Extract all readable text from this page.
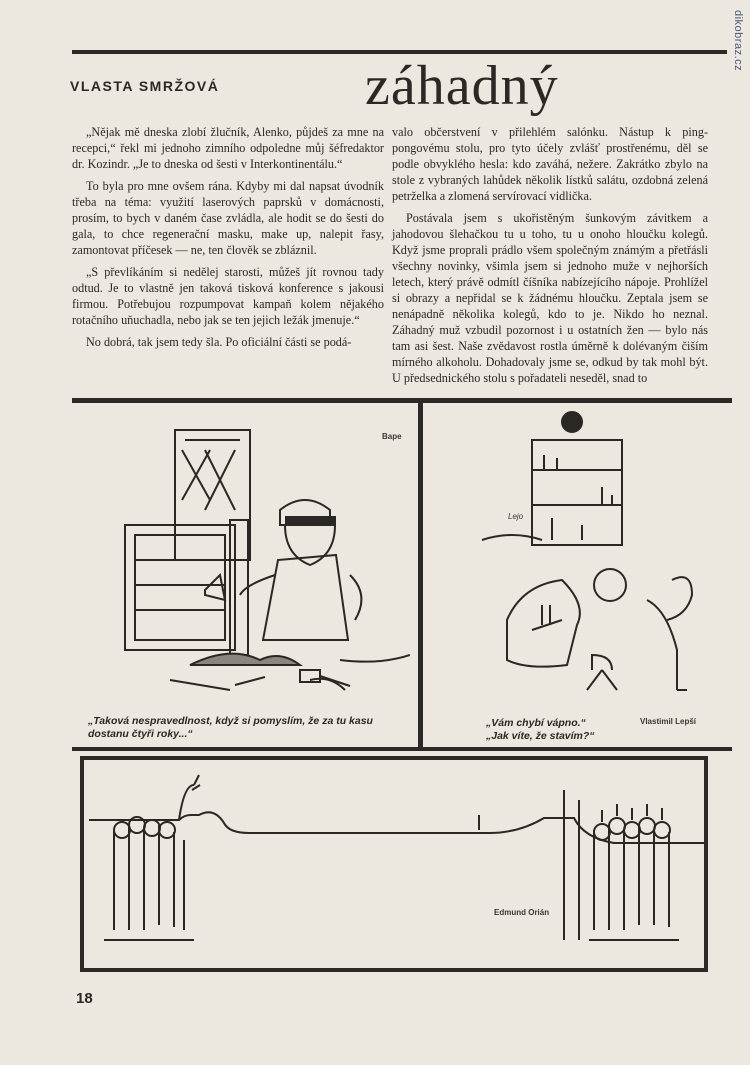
dikobraz.cz
VLASTA SMRŽOVÁ	záhadný

„Nějak mě dneska zlobí žlučník, Alenko, půjdeš za mne na recepci,“ řekl mi jednoho zimního odpoledne můj šéfredaktor dr. Kozindr. „Je to dneska od šesti v Interkontinentálu.“

To byla pro mne ovšem rána. Kdyby mi dal napsat úvodník třeba na téma: využití laserových paprsků v domácnosti, prosím, to bych v daném čase zvládla, ale hodit se do šesti do gala, to chce regenerační masku, make up, nalepit řasy, zamontovat příčesek — ne, ten člověk se zbláznil.

„S převlíkáním si nedělej starosti, můžeš jít rovnou tady odtud. Je to vlastně jen taková tisková konference s jakousi firmou. Potřebujou rozpumpovat kampaň kolem nějakého rotačního uňuchadla, nebo jak se ten jejich ležák jmenuje.“

No dobrá, tak jsem tedy šla. Po oficiální části se podá-

valo občerstvení v přilehlém salónku. Nástup k ping-pongovému stolu, pro tyto účely zvlášť prostřenému, děl se podle obvyklého hesla: kdo zaváhá, nežere. Zakrátko zbylo na stole z vybraných lahůdek několik lístků salátu, ozdobná zelená petrželka a zlomená servírovací vidlička.

Postávala jsem s ukořistěným šunkovým závitkem a jahodovou šlehačkou tu u toho, tu u onoho hloučku kolegů. Když jsme proprali prádlo všem společným známým a přetřásli všechny novinky, všimla jsem si jednoho muže v nejhorších letech, který právě odmítl číšníka nabízejícího nápoje. Prohlížel si obrazy a nepřidal se k žádnému hloučku. Zeptala jsem se nenápadně několika kolegů, kdo to je. Nikdo ho neznal. Záhadný muž vzbudil pozornost i u ostatních žen — bylo nás tam asi šest. Naše zvědavost rostla úměrně k dolévaným čiším mírného alkoholu. Dohadovaly jsme se, odkud by tak mohl být. U předsednického stolu s pořadateli neseděl, snad to

Bape
„Taková nespravedlnost, když si pomyslím, že za tu kasu dostanu čtyři roky...“
Lejo
Vlastimil Lepší
„Vám chybí vápno.“
„Jak víte, že stavím?“
Edmund Orián
18
